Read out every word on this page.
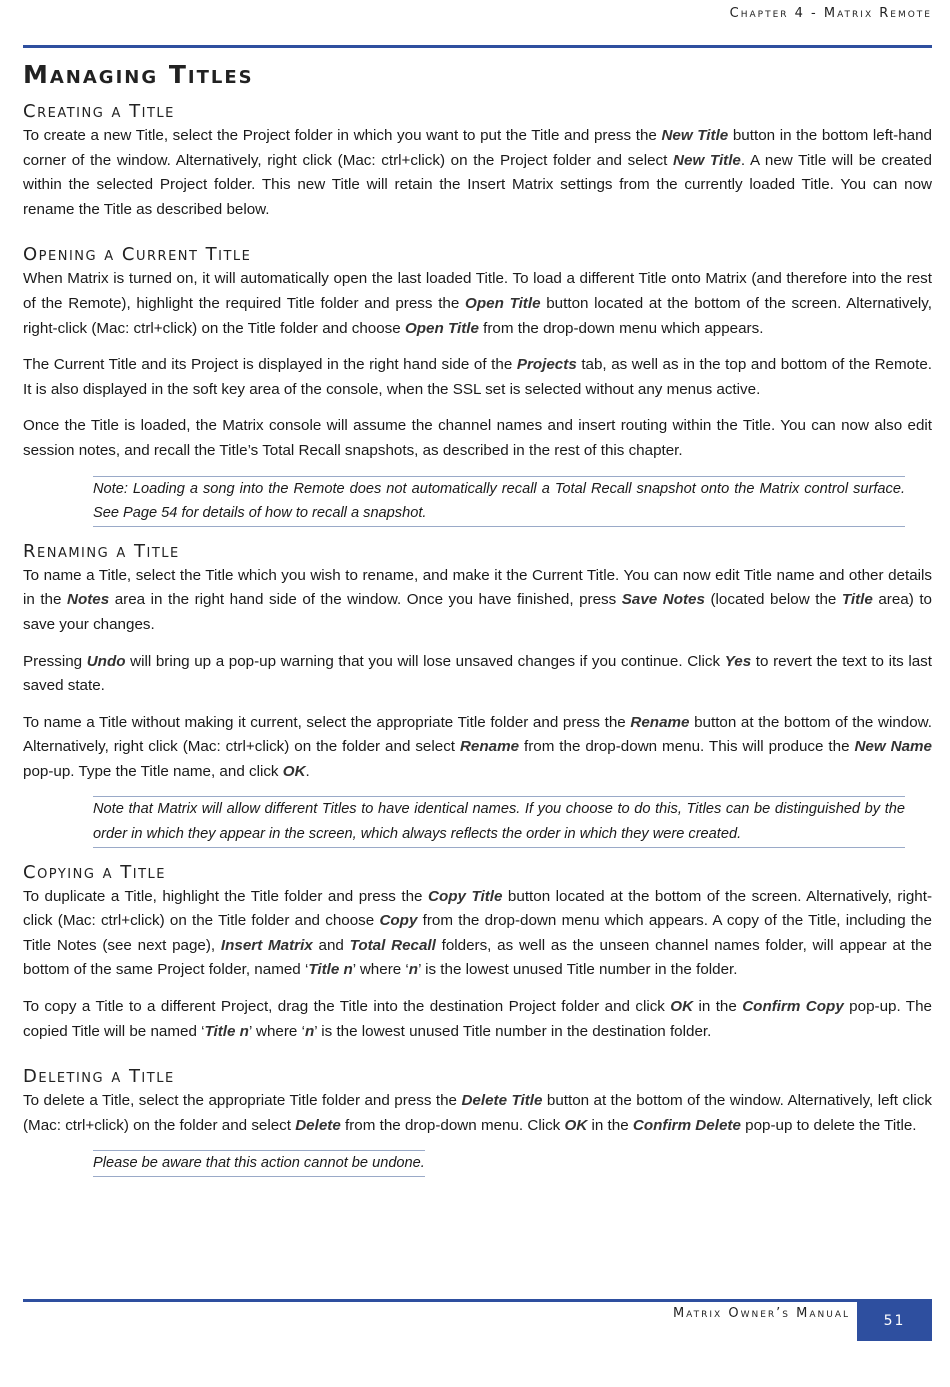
Chapter 4 - Matrix Remote
Managing Titles
Creating a Title

To create a new Title, select the Project folder in which you want to put the Title and press the New Title button in the bottom left-hand corner of the window. Alternatively, right click (Mac: ctrl+click) on the Project folder and select New Title. A new Title will be created within the selected Project folder. This new Title will retain the Insert Matrix settings from the currently loaded Title. You can now rename the Title as described below.

Opening a Current Title

When Matrix is turned on, it will automatically open the last loaded Title. To load a different Title onto Matrix (and therefore into the rest of the Remote), highlight the required Title folder and press the Open Title button located at the bottom of the screen. Alternatively, right-click (Mac: ctrl+click) on the Title folder and choose Open Title from the drop-down menu which appears.

The Current Title and its Project is displayed in the right hand side of the Projects tab, as well as in the top and bottom of the Remote. It is also displayed in the soft key area of the console, when the SSL set is selected without any menus active.

Once the Title is loaded, the Matrix console will assume the channel names and insert routing within the Title. You can now also edit session notes, and recall the Title’s Total Recall snapshots, as described in the rest of this chapter.

Note: Loading a song into the Remote does not automatically recall a Total Recall snapshot onto the Matrix control surface. See Page 54 for details of how to recall a snapshot.
Renaming a Title

To name a Title, select the Title which you wish to rename, and make it the Current Title. You can now edit Title name and other details in the Notes area in the right hand side of the window. Once you have finished, press Save Notes (located below the Title area) to save your changes.

Pressing Undo will bring up a pop-up warning that you will lose unsaved changes if you continue. Click Yes to revert the text to its last saved state.

To name a Title without making it current, select the appropriate Title folder and press the Rename button at the bottom of the window. Alternatively, right click (Mac: ctrl+click) on the folder and select Rename from the drop-down menu. This will produce the New Name pop-up. Type the Title name, and click OK.

Note that Matrix will allow different Titles to have identical names. If you choose to do this, Titles can be distinguished by the order in which they appear in the screen, which always reflects the order in which they were created.
Copying a Title

To duplicate a Title, highlight the Title folder and press the Copy Title button located at the bottom of the screen. Alternatively, right-click (Mac: ctrl+click) on the Title folder and choose Copy from the drop-down menu which appears. A copy of the Title, including the Title Notes (see next page), Insert Matrix and Total Recall folders, as well as the unseen channel names folder, will appear at the bottom of the same Project folder, named ‘Title n’ where ‘n’ is the lowest unused Title number in the folder.

To copy a Title to a different Project, drag the Title into the destination Project folder and click OK in the Confirm Copy pop-up. The copied Title will be named ‘Title n’ where ‘n’ is the lowest unused Title number in the destination folder.

Deleting a Title

To delete a Title, select the appropriate Title folder and press the Delete Title button at the bottom of the window. Alternatively, left click (Mac: ctrl+click) on the folder and select Delete from the drop-down menu. Click OK in the Confirm Delete pop-up to delete the Title.

Please be aware that this action cannot be undone.
Matrix Owner’s Manual	51
